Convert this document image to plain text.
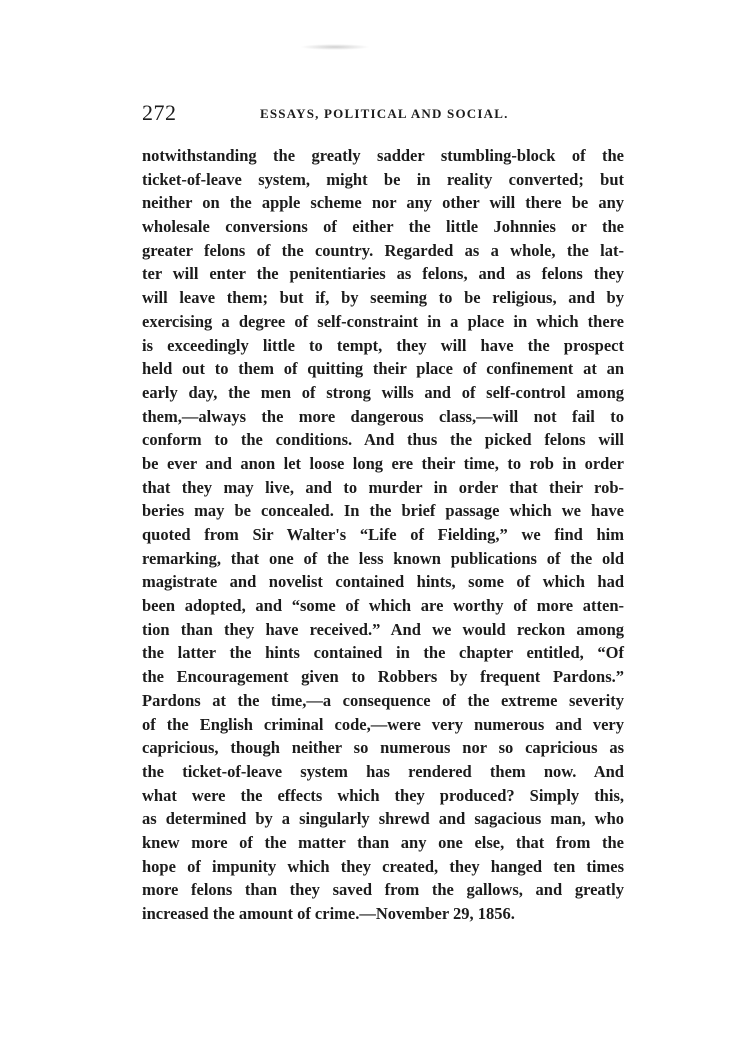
272	ESSAYS, POLITICAL AND SOCIAL.
notwithstanding the greatly sadder stumbling-block of the
ticket-of-leave system, might be in reality converted; but
neither on the apple scheme nor any other will there be any
wholesale conversions of either the little Johnnies or the
greater felons of the country. Regarded as a whole, the lat-
ter will enter the penitentiaries as felons, and as felons they
will leave them; but if, by seeming to be religious, and by
exercising a degree of self-constraint in a place in which there
is exceedingly little to tempt, they will have the prospect
held out to them of quitting their place of confinement at an
early day, the men of strong wills and of self-control among
them,—always the more dangerous class,—will not fail to
conform to the conditions. And thus the picked felons will
be ever and anon let loose long ere their time, to rob in order
that they may live, and to murder in order that their rob-
beries may be concealed. In the brief passage which we have
quoted from Sir Walter's “Life of Fielding,” we find him
remarking, that one of the less known publications of the old
magistrate and novelist contained hints, some of which had
been adopted, and “some of which are worthy of more atten-
tion than they have received.” And we would reckon among
the latter the hints contained in the chapter entitled, “Of
the Encouragement given to Robbers by frequent Pardons.”
Pardons at the time,—a consequence of the extreme severity
of the English criminal code,—were very numerous and very
capricious, though neither so numerous nor so capricious as
the ticket-of-leave system has rendered them now. And
what were the effects which they produced? Simply this,
as determined by a singularly shrewd and sagacious man, who
knew more of the matter than any one else, that from the
hope of impunity which they created, they hanged ten times
more felons than they saved from the gallows, and greatly
increased the amount of crime.—November 29, 1856.
